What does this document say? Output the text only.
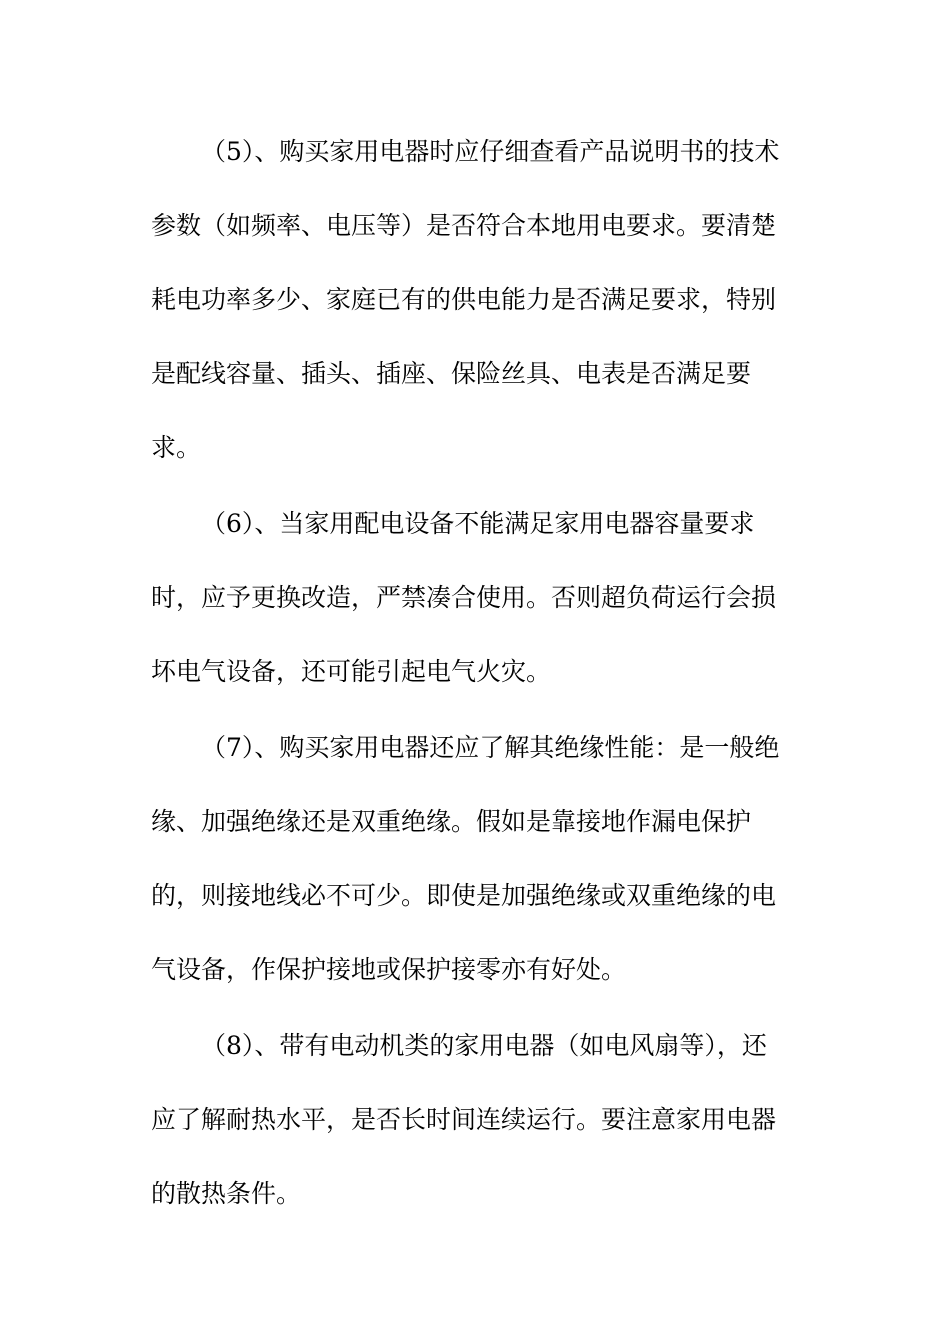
（5）、购买家用电器时应仔细查看产品说明书的技术
参数（如频率、电压等）是否符合本地用电要求。要清楚
耗电功率多少、家庭已有的供电能力是否满足要求，特别
是配线容量、插头、插座、保险丝具、电表是否满足要
求。
（6）、当家用配电设备不能满足家用电器容量要求
时，应予更换改造，严禁凑合使用。否则超负荷运行会损
坏电气设备，还可能引起电气火灾。
（7）、购买家用电器还应了解其绝缘性能：是一般绝
缘、加强绝缘还是双重绝缘。假如是靠接地作漏电保护
的，则接地线必不可少。即使是加强绝缘或双重绝缘的电
气设备，作保护接地或保护接零亦有好处。
（8）、带有电动机类的家用电器（如电风扇等），还
应了解耐热水平，是否长时间连续运行。要注意家用电器
的散热条件。
